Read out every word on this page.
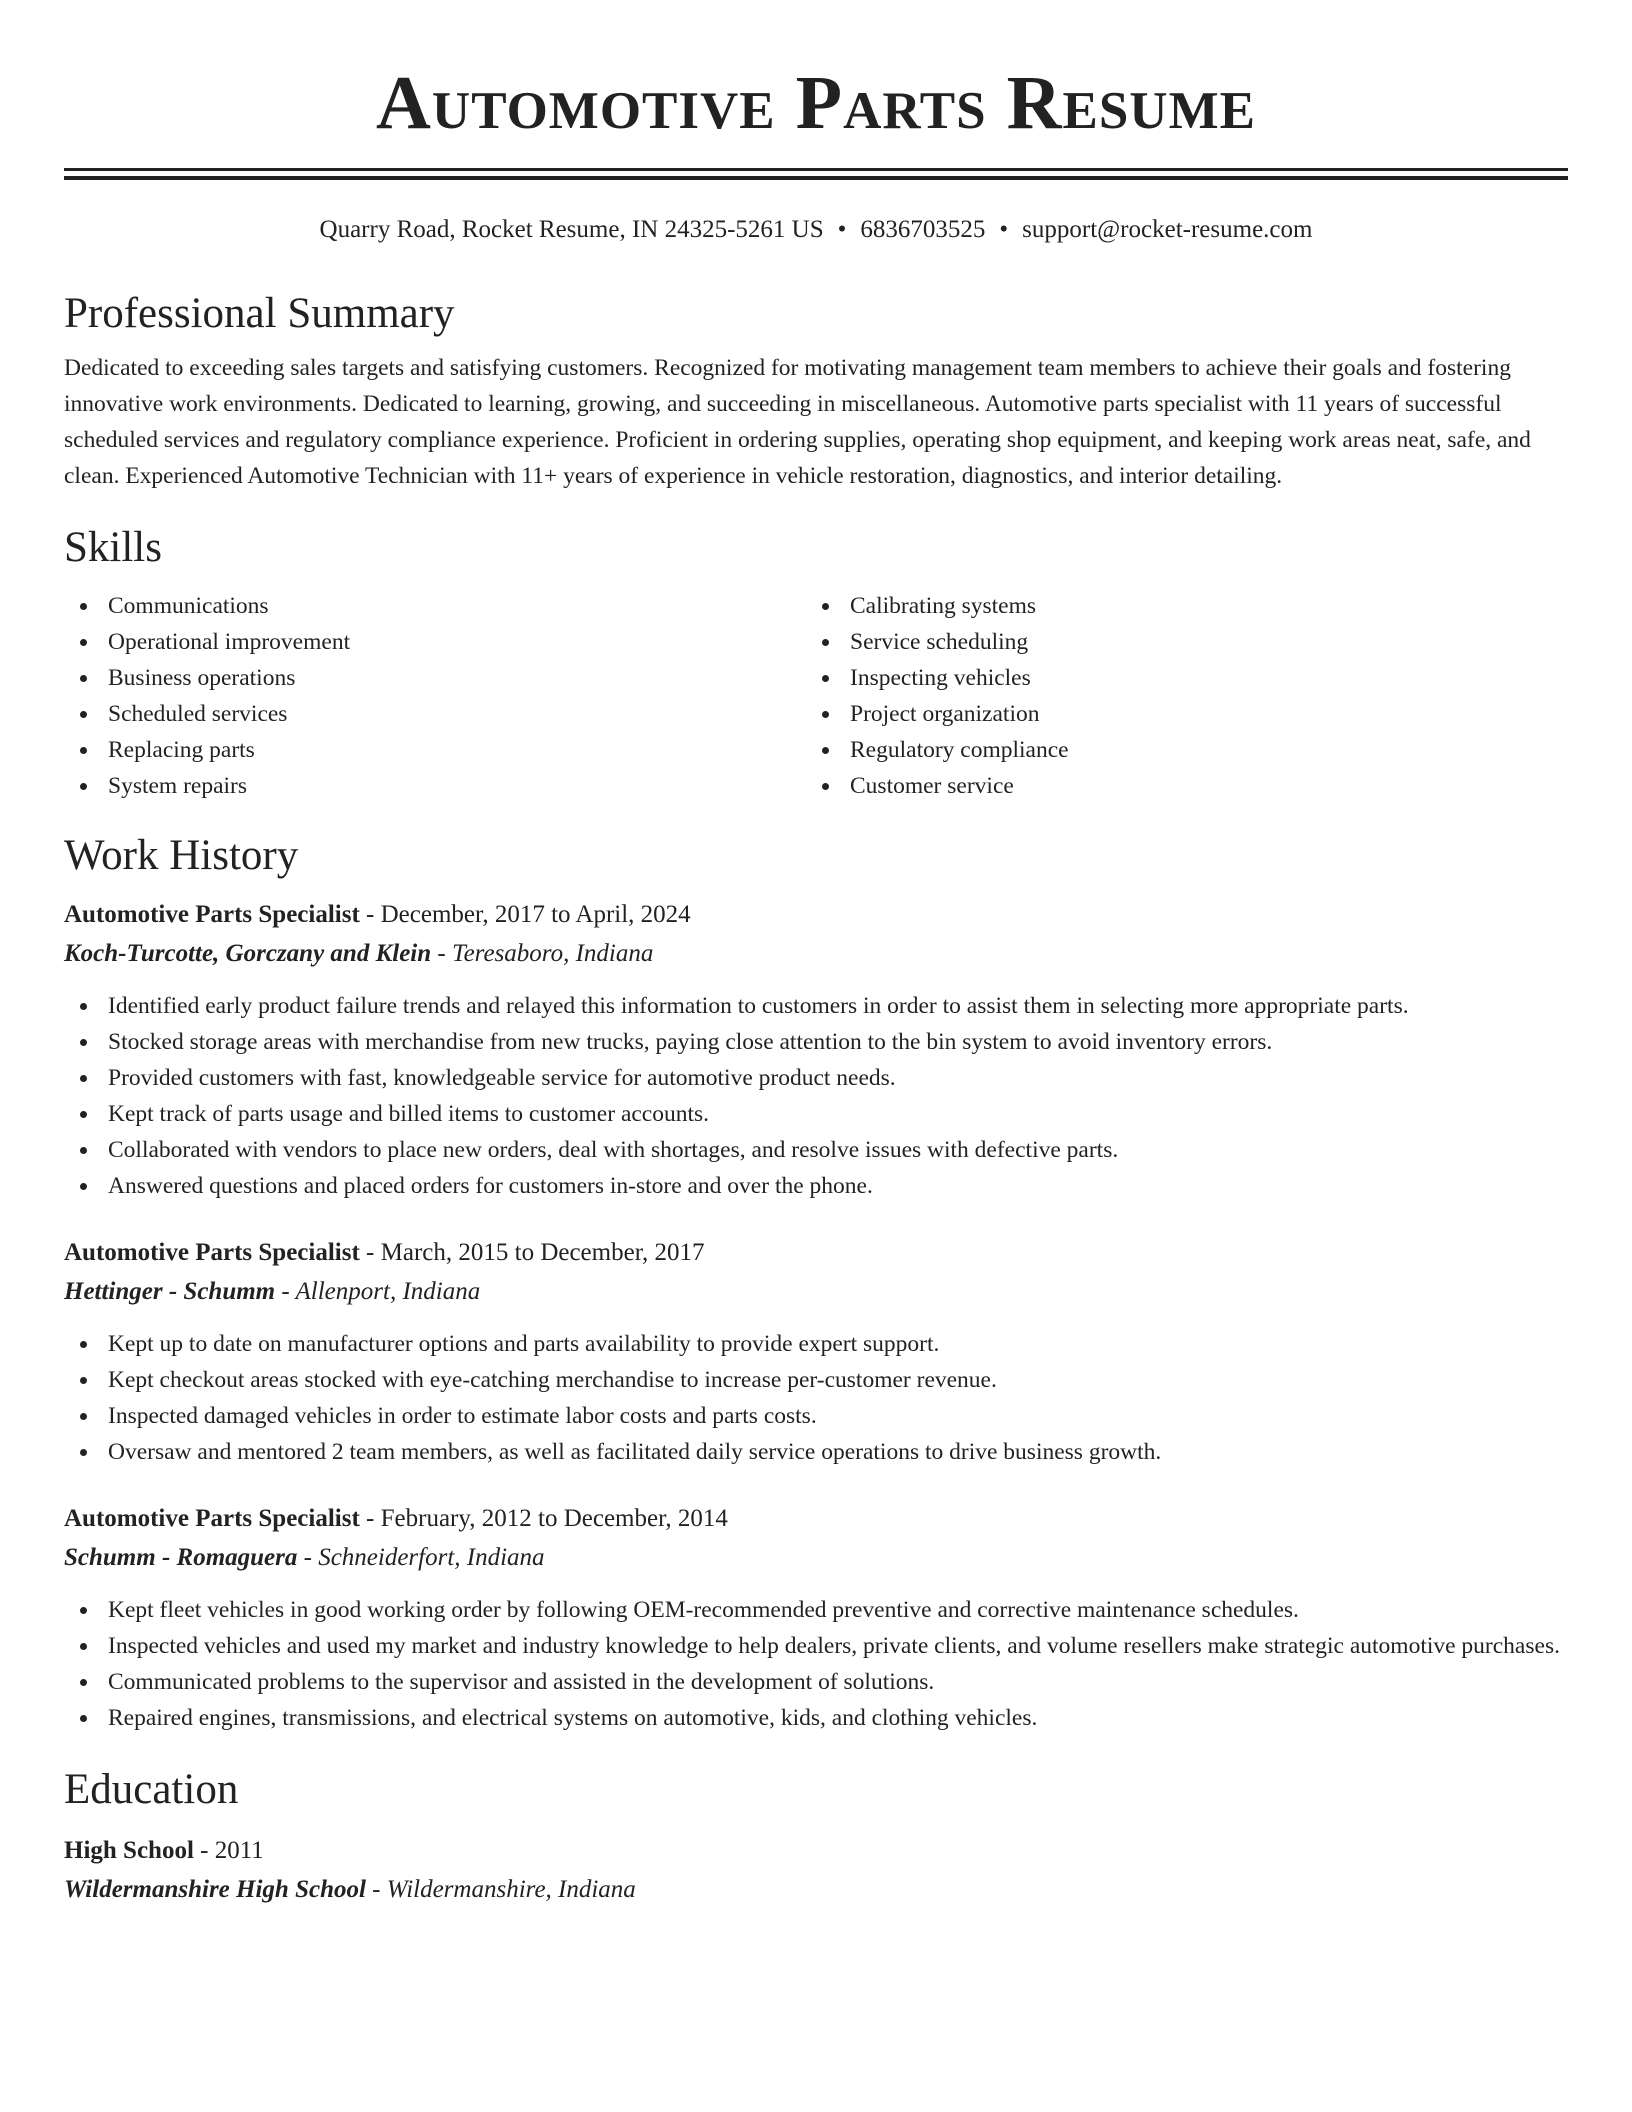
Automotive Parts Resume
Quarry Road, Rocket Resume, IN 24325-5261 US • 6836703525 • support@rocket-resume.com
Professional Summary

Dedicated to exceeding sales targets and satisfying customers. Recognized for motivating management team members to achieve their goals and fostering innovative work environments. Dedicated to learning, growing, and succeeding in miscellaneous. Automotive parts specialist with 11 years of successful scheduled services and regulatory compliance experience. Proficient in ordering supplies, operating shop equipment, and keeping work areas neat, safe, and clean. Experienced Automotive Technician with 11+ years of experience in vehicle restoration, diagnostics, and interior detailing.

Skills
Communications
Operational improvement
Business operations
Scheduled services
Replacing parts
System repairs
Calibrating systems
Service scheduling
Inspecting vehicles
Project organization
Regulatory compliance
Customer service
Work History
Automotive Parts Specialist - December, 2017 to April, 2024
Koch-Turcotte, Gorczany and Klein - Teresaboro, Indiana
Identified early product failure trends and relayed this information to customers in order to assist them in selecting more appropriate parts.
Stocked storage areas with merchandise from new trucks, paying close attention to the bin system to avoid inventory errors.
Provided customers with fast, knowledgeable service for automotive product needs.
Kept track of parts usage and billed items to customer accounts.
Collaborated with vendors to place new orders, deal with shortages, and resolve issues with defective parts.
Answered questions and placed orders for customers in-store and over the phone.
Automotive Parts Specialist - March, 2015 to December, 2017
Hettinger - Schumm - Allenport, Indiana
Kept up to date on manufacturer options and parts availability to provide expert support.
Kept checkout areas stocked with eye-catching merchandise to increase per-customer revenue.
Inspected damaged vehicles in order to estimate labor costs and parts costs.
Oversaw and mentored 2 team members, as well as facilitated daily service operations to drive business growth.
Automotive Parts Specialist - February, 2012 to December, 2014
Schumm - Romaguera - Schneiderfort, Indiana
Kept fleet vehicles in good working order by following OEM-recommended preventive and corrective maintenance schedules.
Inspected vehicles and used my market and industry knowledge to help dealers, private clients, and volume resellers make strategic automotive purchases.
Communicated problems to the supervisor and assisted in the development of solutions.
Repaired engines, transmissions, and electrical systems on automotive, kids, and clothing vehicles.
Education
High School - 2011
Wildermanshire High School - Wildermanshire, Indiana
